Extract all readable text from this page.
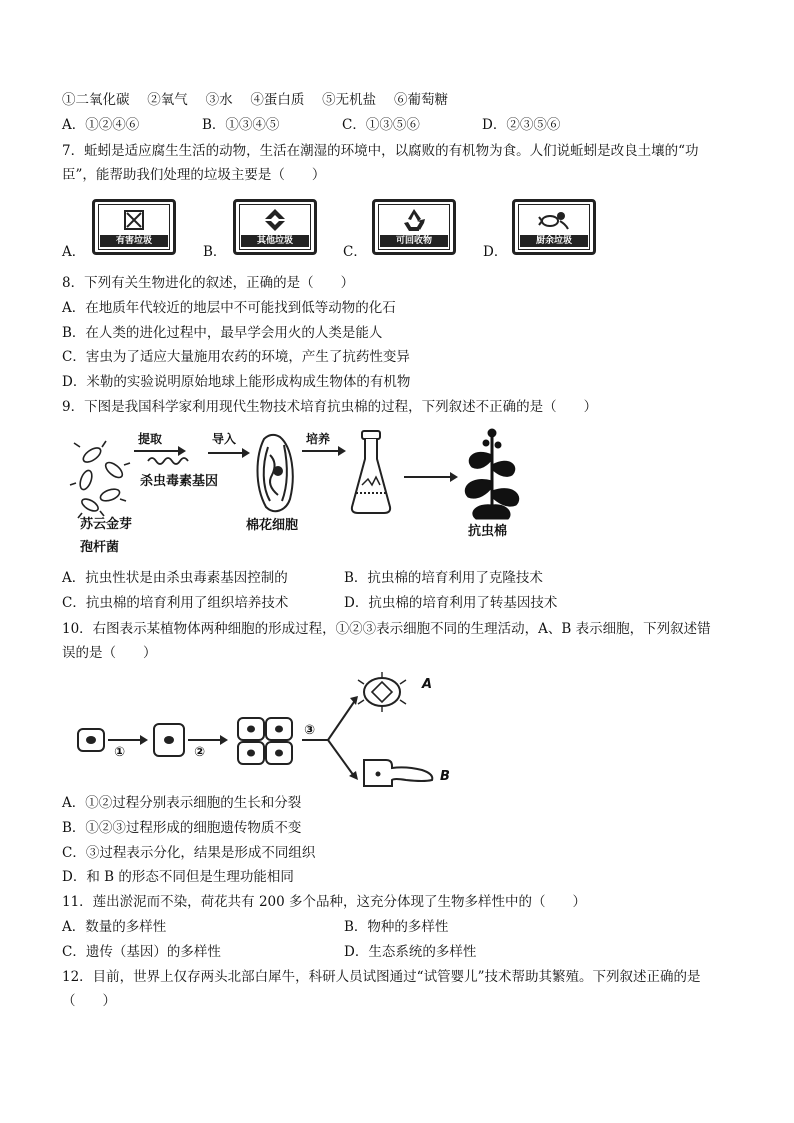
①二氧化碳　 ②氧气　 ③水　 ④蛋白质　 ⑤无机盐　 ⑥葡萄糖
A．①②④⑥	B．①③④⑤	C．①③⑤⑥	D．②③⑤⑥
7．蚯蚓是适应腐生生活的动物，生活在潮湿的环境中，以腐败的有机物为食。人们说蚯蚓是改良土壤的“功
臣”，能帮助我们处理的垃圾主要是（　　）
A．
有害垃圾
B．
其他垃圾
C．
可回收物
D．
厨余垃圾
8．下列有关生物进化的叙述，正确的是（　　）
A．在地质年代较近的地层中不可能找到低等动物的化石
B．在人类的进化过程中，最早学会用火的人类是能人
C．害虫为了适应大量施用农药的环境，产生了抗药性变异
D．米勒的实验说明原始地球上能形成构成生物体的有机物
9．下图是我国科学家利用现代生物技术培育抗虫棉的过程，下列叙述不正确的是（　　）
苏云金芽
孢杆菌
提取
杀虫毒素基因
导入
棉花细胞
培养
抗虫棉
A．抗虫性状是由杀虫毒素基因控制的	B．抗虫棉的培育利用了克隆技术
C．抗虫棉的培育利用了组织培养技术	D．抗虫棉的培育利用了转基因技术
10．右图表示某植物体两种细胞的形成过程，①②③表示细胞不同的生理活动，A、B 表示细胞，下列叙述错
误的是（　　）
①	②
③
A
B
A．①②过程分别表示细胞的生长和分裂
B．①②③过程形成的细胞遗传物质不变
C．③过程表示分化，结果是形成不同组织
D．和 B 的形态不同但是生理功能相同
11．莲出淤泥而不染，荷花共有 200 多个品种，这充分体现了生物多样性中的（　　）
A．数量的多样性	B．物种的多样性
C．遗传（基因）的多样性	D．生态系统的多样性
12．目前，世界上仅存两头北部白犀牛，科研人员试图通过“试管婴儿”技术帮助其繁殖。下列叙述正确的是
（　　）
